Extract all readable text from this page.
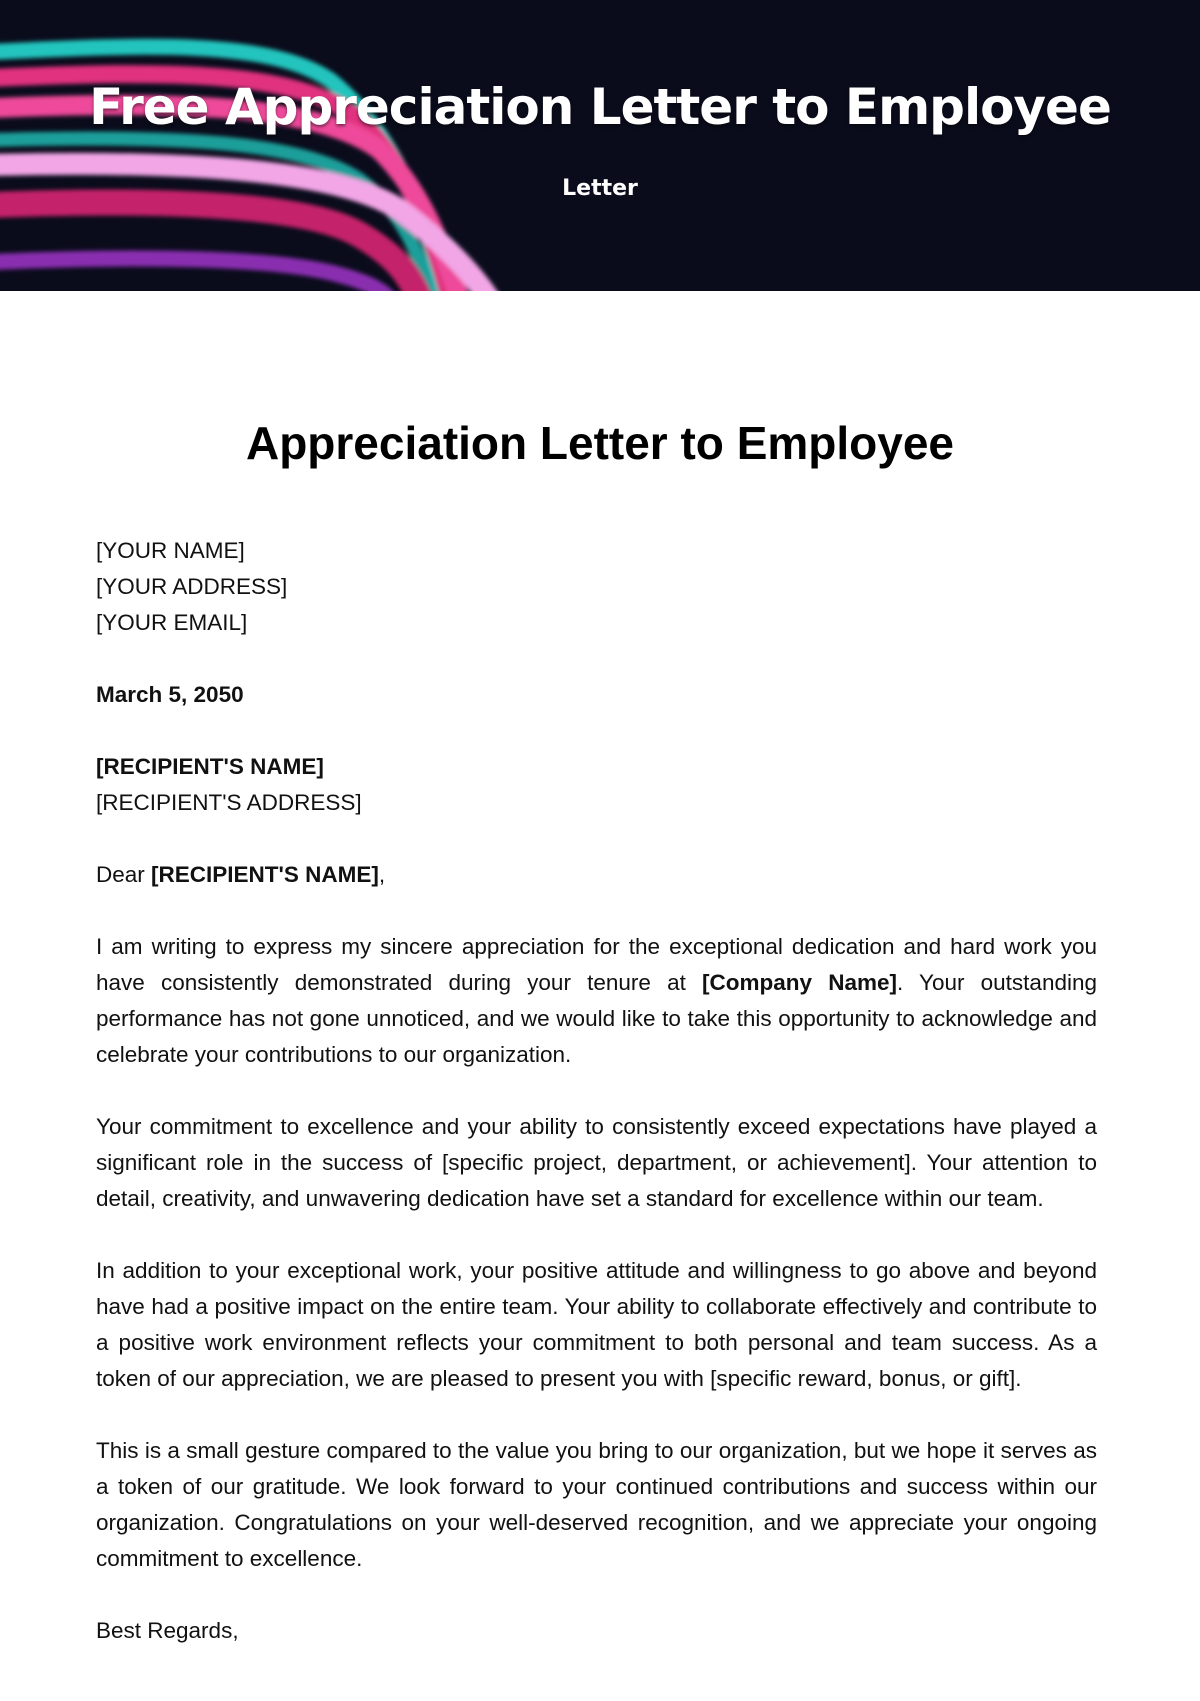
Free Appreciation Letter to Employee
Letter
Appreciation Letter to Employee

[YOUR NAME]
[YOUR ADDRESS]
[YOUR EMAIL]

March 5, 2050

[RECIPIENT'S NAME]
[RECIPIENT'S ADDRESS]

Dear [RECIPIENT'S NAME],

I am writing to express my sincere appreciation for the exceptional dedication and hard work you have consistently demonstrated during your tenure at [Company Name]. Your outstanding performance has not gone unnoticed, and we would like to take this opportunity to acknowledge and celebrate your contributions to our organization.

Your commitment to excellence and your ability to consistently exceed expectations have played a significant role in the success of [specific project, department, or achievement]. Your attention to detail, creativity, and unwavering dedication have set a standard for excellence within our team.

In addition to your exceptional work, your positive attitude and willingness to go above and beyond have had a positive impact on the entire team. Your ability to collaborate effectively and contribute to a positive work environment reflects your commitment to both personal and team success. As a token of our appreciation, we are pleased to present you with [specific reward, bonus, or gift].

This is a small gesture compared to the value you bring to our organization, but we hope it serves as a token of our gratitude. We look forward to your continued contributions and success within our organization. Congratulations on your well-deserved recognition, and we appreciate your ongoing commitment to excellence.

Best Regards,
